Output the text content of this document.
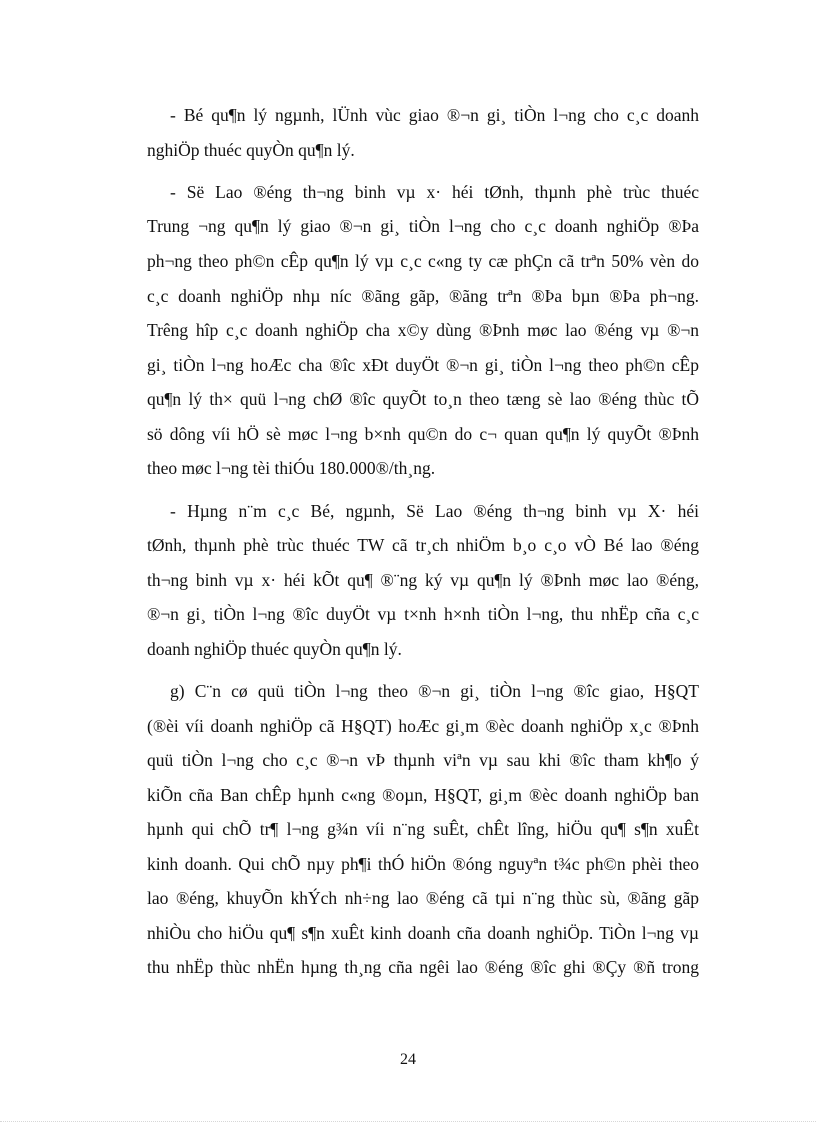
- Bé qu¶n lý ngµnh, lÜnh vùc giao ®¬n gi¸ tiÒn l¬ng cho c¸c doanh
nghiÖp thuéc quyÒn qu¶n lý.
- Së Lao ®éng th¬ng binh vµ x· héi tØnh, thµnh phè trùc thuéc
Trung ¬ng qu¶n lý giao ®¬n gi¸ tiÒn l¬ng cho c¸c doanh nghiÖp ®Þa
ph¬ng theo ph©n cÊp qu¶n lý vµ c¸c c«ng ty cæ phÇn cã trªn 50% vèn do
c¸c doanh nghiÖp nhµ níc ®ãng gãp, ®ãng trªn ®Þa bµn ®Þa ph¬ng.
Trêng hîp c¸c doanh nghiÖp cha x©y dùng ®Þnh møc lao ®éng vµ ®¬n
gi¸ tiÒn l¬ng hoÆc cha ®îc xÐt duyÖt ®¬n gi¸ tiÒn l¬ng theo ph©n cÊp
qu¶n lý th× quü l¬ng chØ ®îc quyÕt to¸n theo tæng sè lao ®éng thùc tÕ
sö dông víi hÖ sè møc l¬ng b×nh qu©n do c¬ quan qu¶n lý quyÕt ®Þnh
theo møc l¬ng tèi thiÓu 180.000®/th¸ng.
- Hµng n¨m c¸c Bé, ngµnh, Së Lao ®éng th¬ng binh vµ X· héi
tØnh, thµnh phè trùc thuéc TW cã tr¸ch nhiÖm b¸o c¸o vÒ Bé lao ®éng
th¬ng binh vµ x· héi kÕt qu¶ ®¨ng ký vµ qu¶n lý ®Þnh møc lao ®éng,
®¬n gi¸ tiÒn l¬ng ®îc duyÖt vµ t×nh h×nh tiÒn l¬ng, thu nhËp cña c¸c
doanh nghiÖp thuéc quyÒn qu¶n lý.
g) C¨n cø quü tiÒn l¬ng theo ®¬n gi¸ tiÒn l¬ng ®îc giao, H§QT
(®èi víi doanh nghiÖp cã H§QT) hoÆc gi¸m ®èc doanh nghiÖp x¸c ®Þnh
quü tiÒn l¬ng cho c¸c ®¬n vÞ thµnh viªn vµ sau khi ®îc tham kh¶o ý
kiÕn cña Ban chÊp hµnh c«ng ®oµn, H§QT, gi¸m ®èc doanh nghiÖp ban
hµnh qui chÕ tr¶ l¬ng g¾n víi n¨ng suÊt, chÊt lîng, hiÖu qu¶ s¶n xuÊt
kinh doanh. Qui chÕ nµy ph¶i thÓ hiÖn ®óng nguyªn t¾c ph©n phèi theo
lao ®éng, khuyÕn khÝch nh÷ng lao ®éng cã tµi n¨ng thùc sù, ®ãng gãp
nhiÒu cho hiÖu qu¶ s¶n xuÊt kinh doanh cña doanh nghiÖp. TiÒn l¬ng vµ
thu nhËp thùc nhËn hµng th¸ng cña ngêi lao ®éng ®îc ghi ®Çy ®ñ trong
24
